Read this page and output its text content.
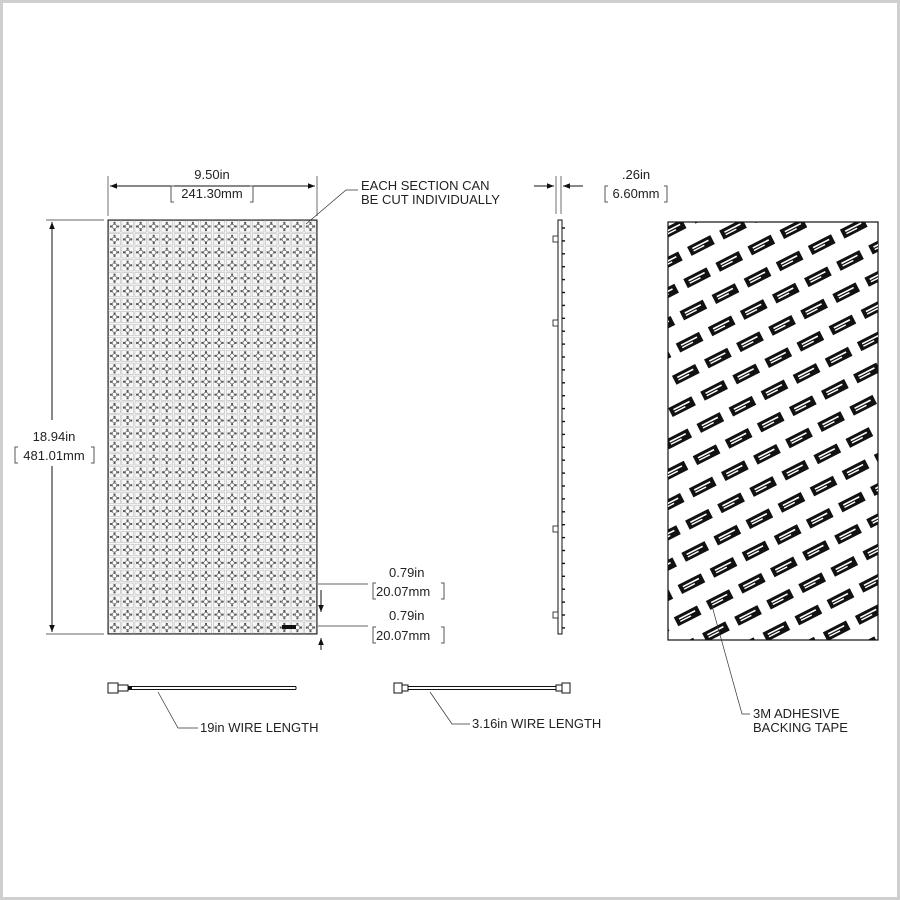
9.50in
241.30mm
18.94in
481.01mm
EACH SECTION CAN
BE CUT INDIVIDUALLY
0.79in
20.07mm
0.79in
20.07mm
.26in
6.60mm
3M ADHESIVE
BACKING TAPE
19in WIRE LENGTH	3.16in WIRE LENGTH
